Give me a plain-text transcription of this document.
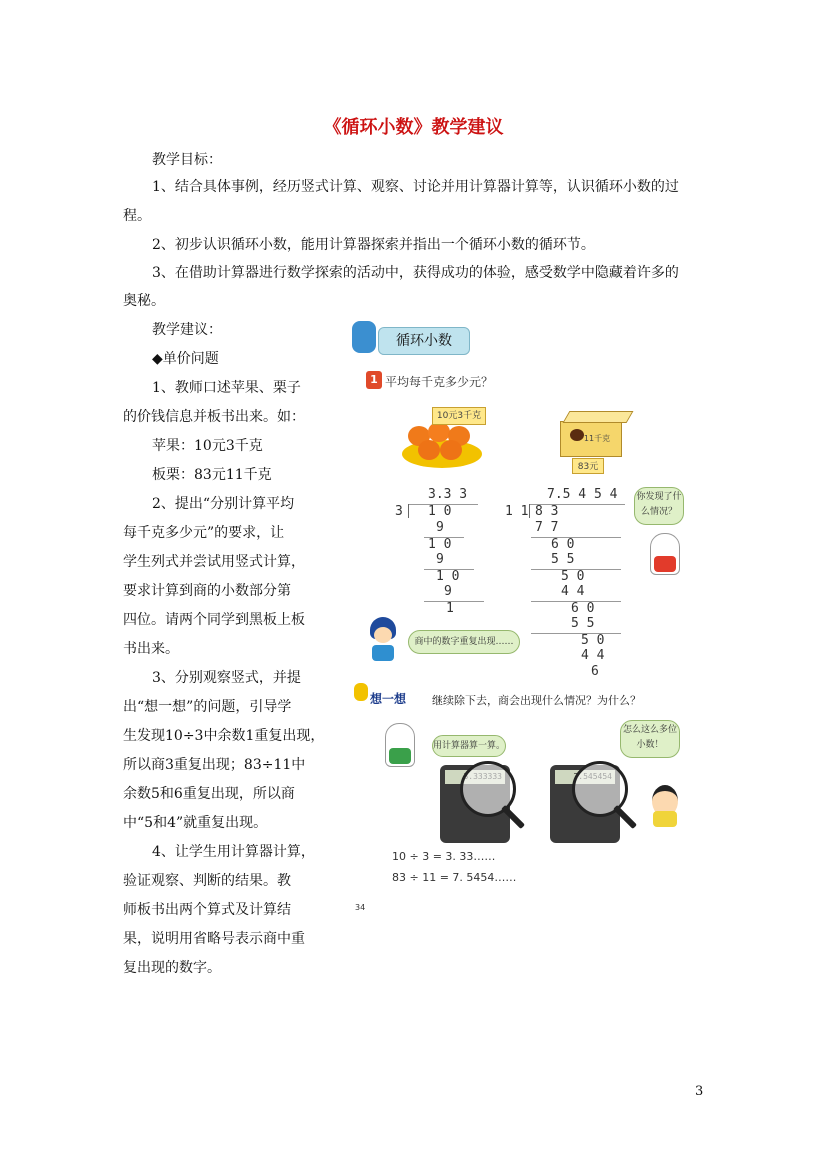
《循环小数》教学建议
教学目标：
1、结合具体事例，经历竖式计算、观察、讨论并用计算器计算等，认识循环小数的过
程。
2、初步认识循环小数，能用计算器探索并指出一个循环小数的循环节。
3、在借助计算器进行数学探索的活动中，获得成功的体验，感受数学中隐藏着许多的
奥秘。
教学建议：
◆单价问题
1、教师口述苹果、栗子
的价钱信息并板书出来。如：
苹果：10元3千克
板栗：83元11千克
2、提出“分别计算平均
每千克多少元”的要求，让
学生列式并尝试用竖式计算，
要求计算到商的小数部分第
四位。请两个同学到黑板上板
书出来。
3、分别观察竖式，并提
出“想一想”的问题，引导学
生发现10÷3中余数1重复出现，
所以商3重复出现；83÷11中
余数5和6重复出现，所以商
中“5和4”就重复出现。
4、让学生用计算器计算，
验证观察、判断的结果。教
师板书出两个算式及计算结
果，说明用省略号表示商中重
复出现的数字。
循环小数
1 平均每千克多少元？
10元3千克
11千克
83元
3.3 3
3 1 0
9
1 0
9
1 0
9
1
7.5 4 5 4
1 1 8 3
7 7
6 0
5 5
5 0
4 4
6 0
5 5
5 0
4 4
6
你发现了什么情况？
商中的数字重复出现……
想一想 继续除下去，商会出现什么情况？为什么？
用计算器算一算。
怎么这么多位小数！
10 ÷ 3 = 3. 33……
83 ÷ 11 = 7. 5454……
34
3
